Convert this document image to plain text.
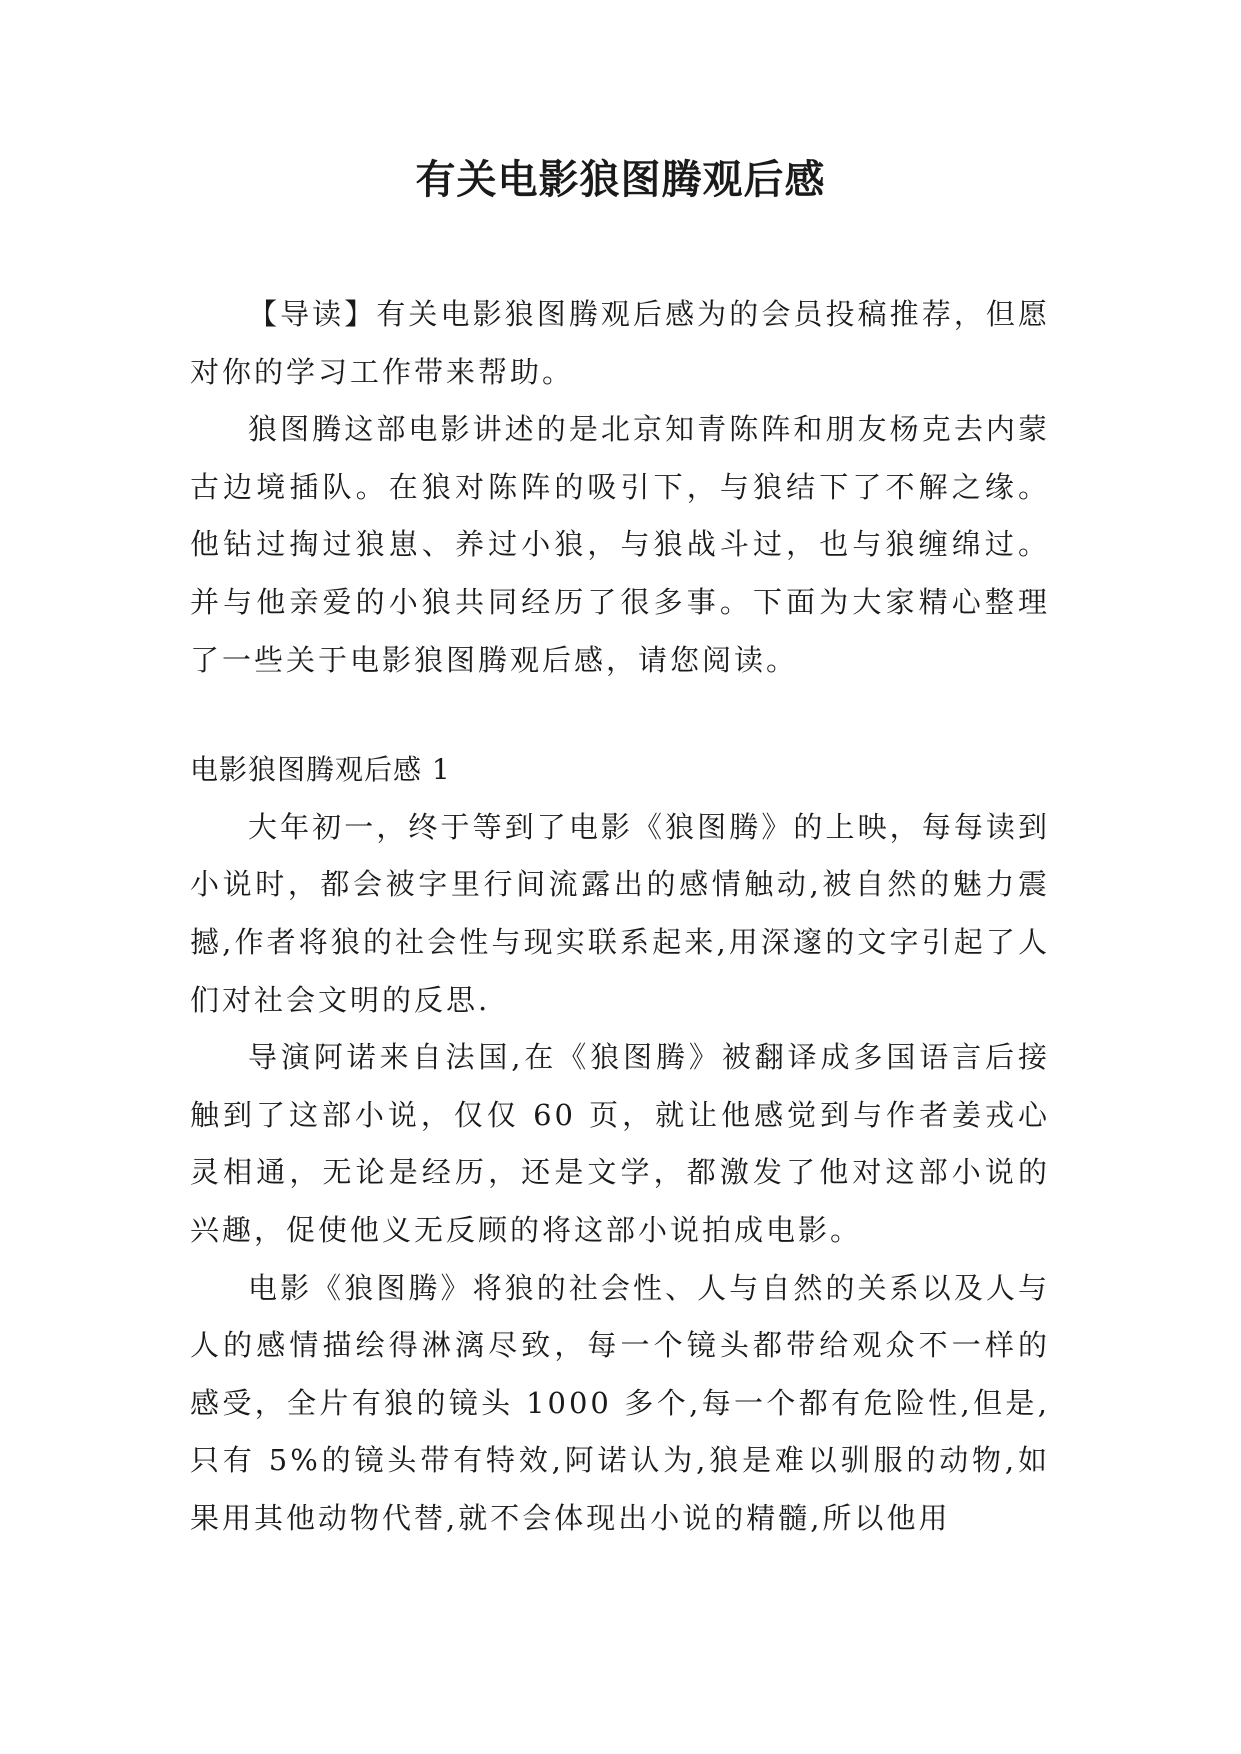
有关电影狼图腾观后感

【导读】有关电影狼图腾观后感为的会员投稿推荐，但愿对你的学习工作带来帮助。

狼图腾这部电影讲述的是北京知青陈阵和朋友杨克去内蒙古边境插队。在狼对陈阵的吸引下，与狼结下了不解之缘。他钻过掏过狼崽、养过小狼，与狼战斗过，也与狼缠绵过。并与他亲爱的小狼共同经历了很多事。下面为大家精心整理了一些关于电影狼图腾观后感，请您阅读。

电影狼图腾观后感 1

大年初一，终于等到了电影《狼图腾》的上映，每每读到小说时，都会被字里行间流露出的感情触动,被自然的魅力震撼,作者将狼的社会性与现实联系起来,用深邃的文字引起了人们对社会文明的反思.

导演阿诺来自法国,在《狼图腾》被翻译成多国语言后接触到了这部小说，仅仅 60 页，就让他感觉到与作者姜戎心灵相通，无论是经历，还是文学，都激发了他对这部小说的兴趣，促使他义无反顾的将这部小说拍成电影。

电影《狼图腾》将狼的社会性、人与自然的关系以及人与人的感情描绘得淋漓尽致，每一个镜头都带给观众不一样的感受，全片有狼的镜头 1000 多个,每一个都有危险性,但是,只有 5%的镜头带有特效,阿诺认为,狼是难以驯服的动物,如果用其他动物代替,就不会体现出小说的精髓,所以他用
